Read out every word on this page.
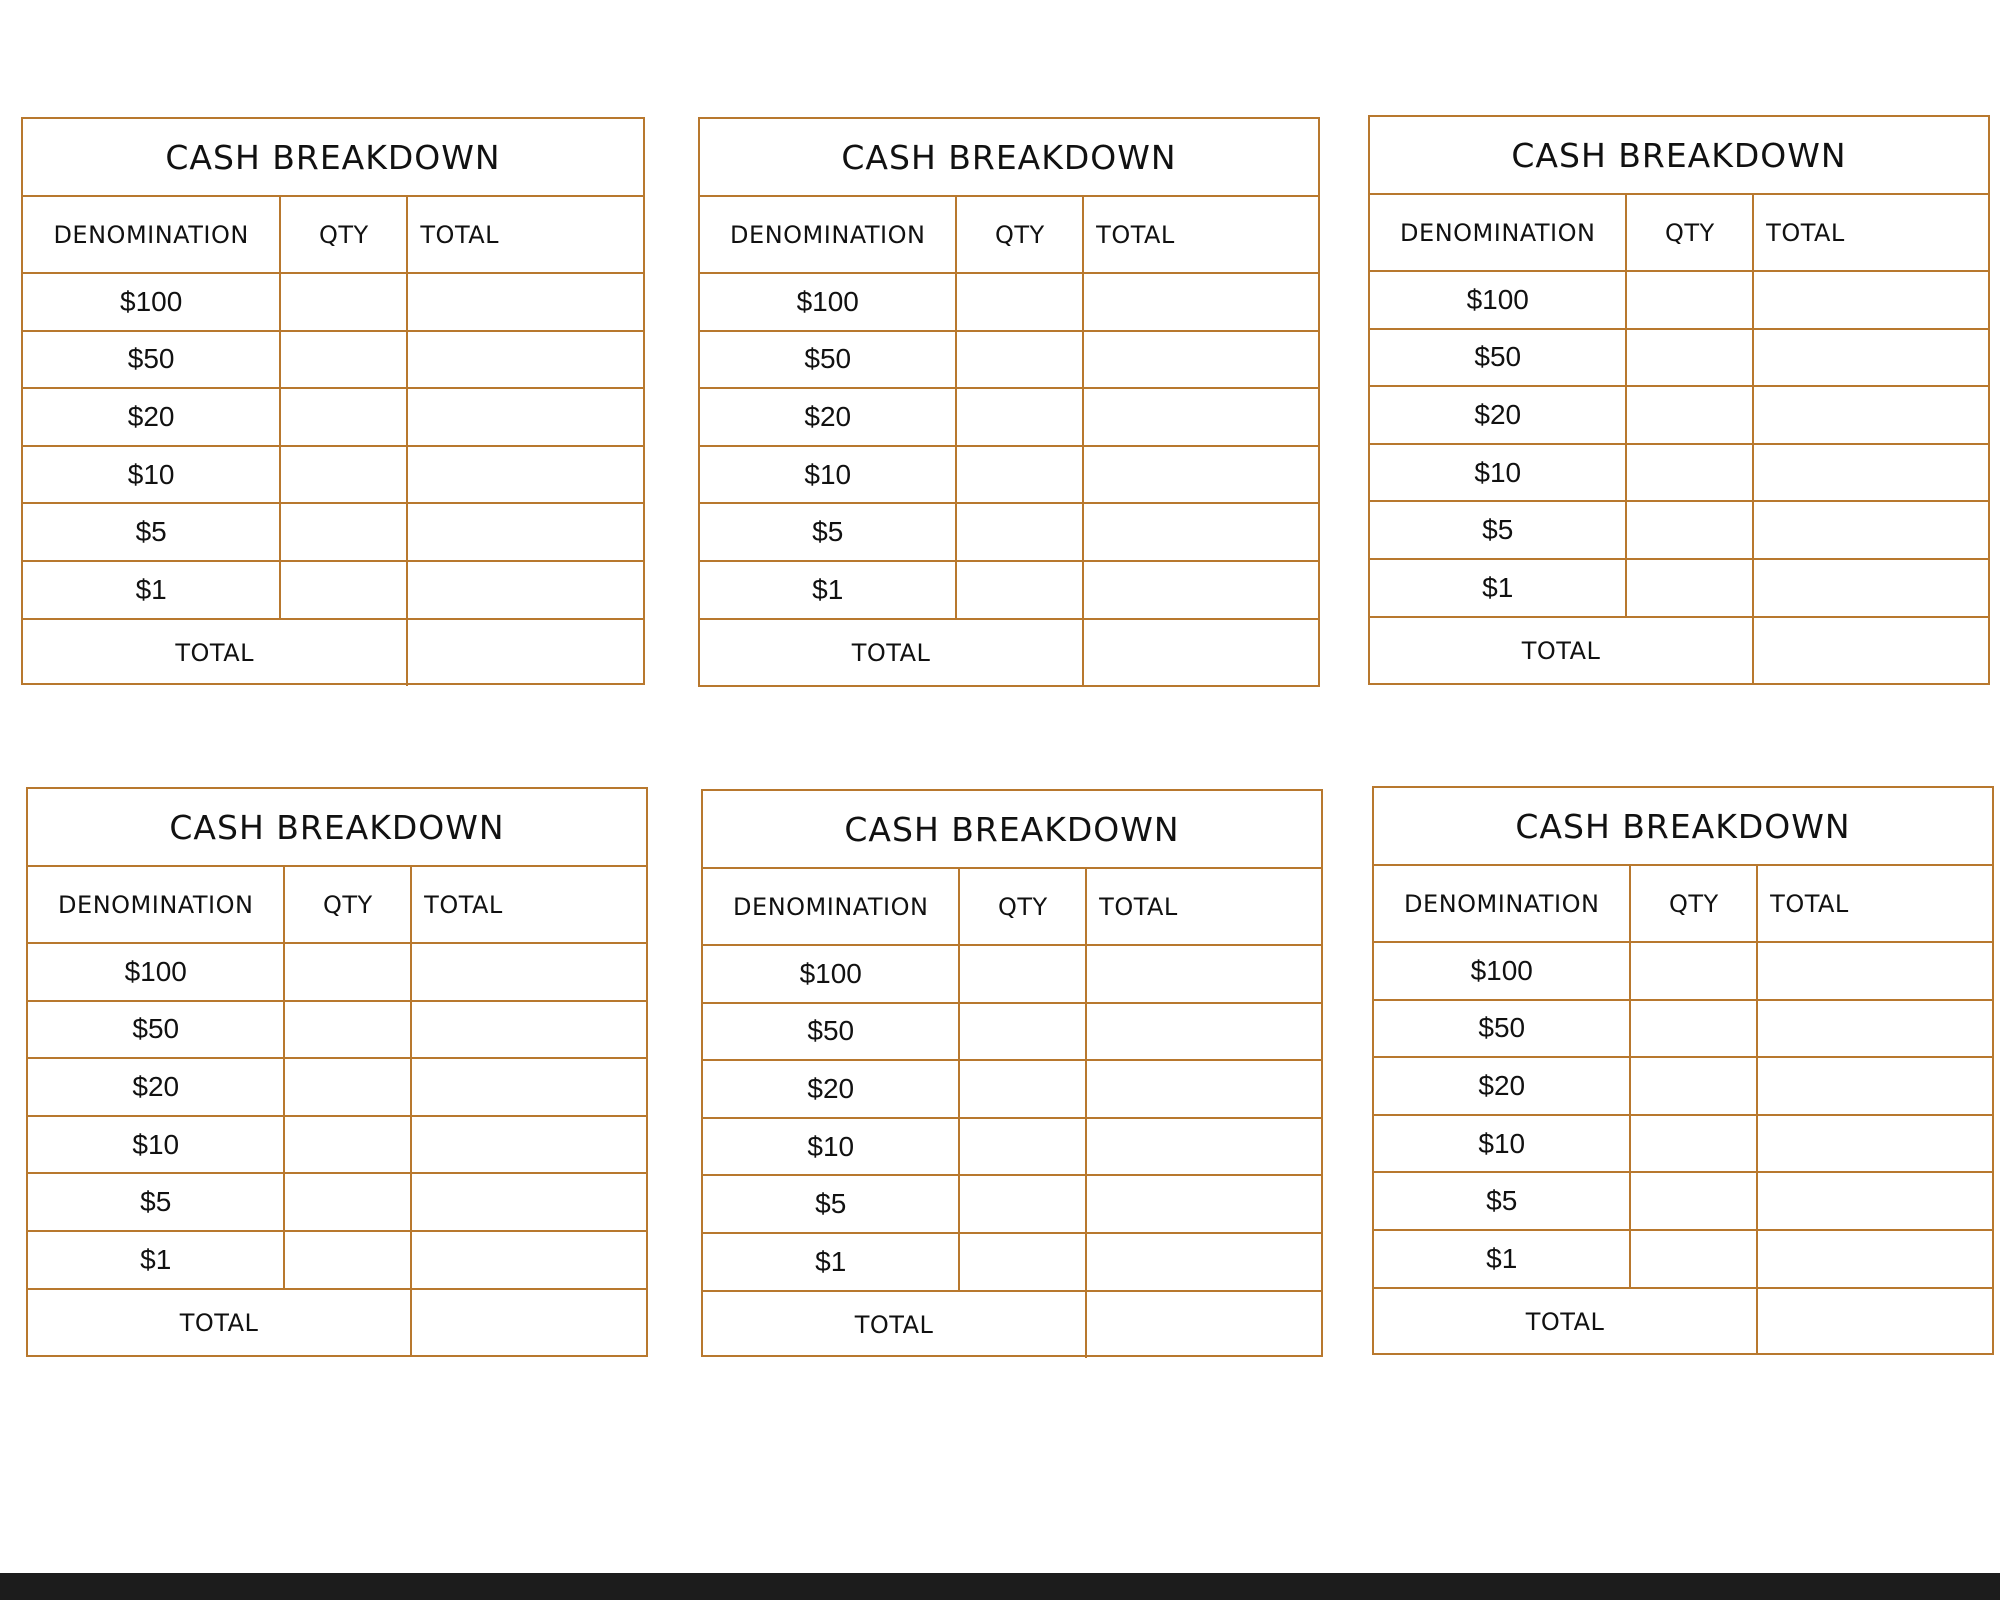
CASH BREAKDOWN
DENOMINATION	QTY	TOTAL
$100		
$50		
$20		
$10		
$5		
$1		
TOTAL		
CASH BREAKDOWN
DENOMINATION	QTY	TOTAL
$100		
$50		
$20		
$10		
$5		
$1		
TOTAL		
CASH BREAKDOWN
DENOMINATION	QTY	TOTAL
$100		
$50		
$20		
$10		
$5		
$1		
TOTAL		
CASH BREAKDOWN
DENOMINATION	QTY	TOTAL
$100		
$50		
$20		
$10		
$5		
$1		
TOTAL		
CASH BREAKDOWN
DENOMINATION	QTY	TOTAL
$100		
$50		
$20		
$10		
$5		
$1		
TOTAL		
CASH BREAKDOWN
DENOMINATION	QTY	TOTAL
$100		
$50		
$20		
$10		
$5		
$1		
TOTAL		
